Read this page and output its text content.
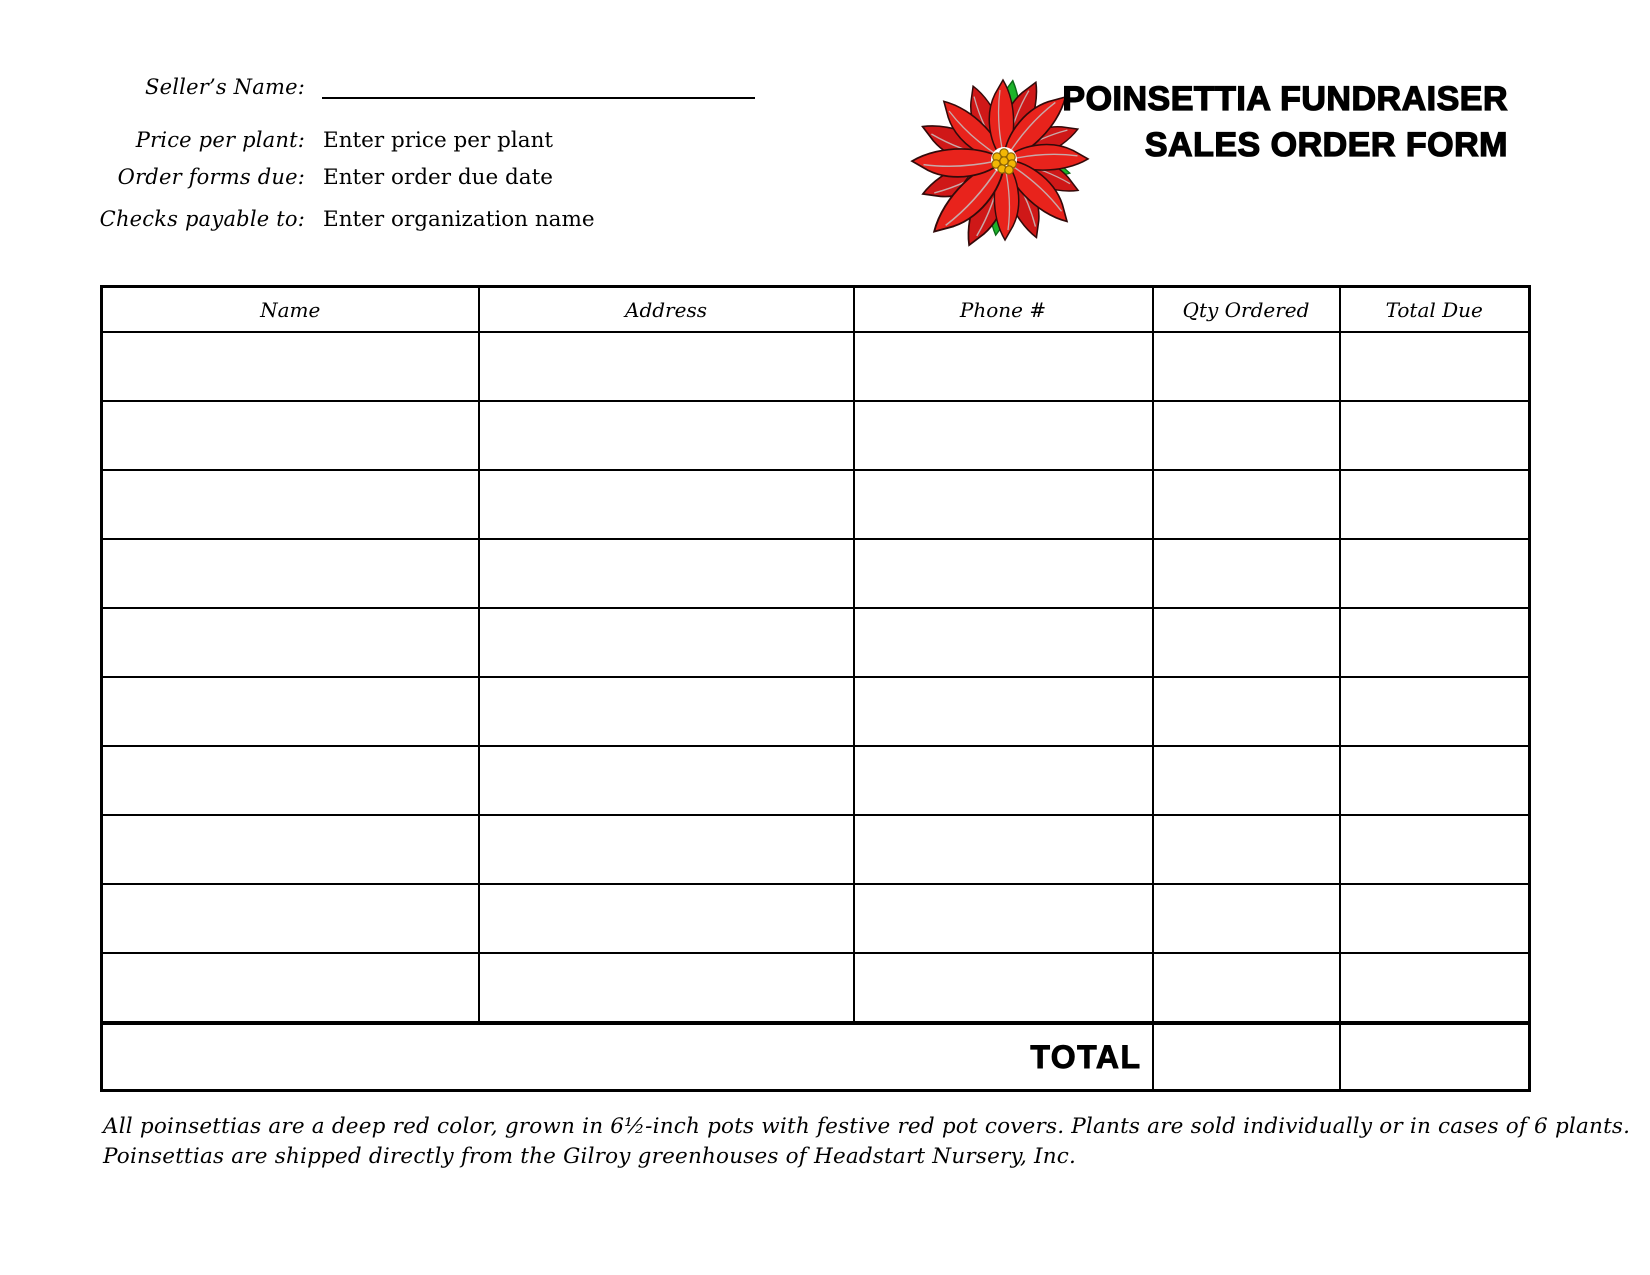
Seller’s Name:
Price per plant: Enter price per plant
Order forms due: Enter order due date
Checks payable to: Enter organization name
POINSETTIA FUNDRAISER
SALES ORDER FORM
Name	Address	Phone #	Qty Ordered	Total Due

TOTAL				
All poinsettias are a deep red color, grown in 6½-inch pots with festive red pot covers. Plants are sold individually or in cases of 6 plants.
Poinsettias are shipped directly from the Gilroy greenhouses of Headstart Nursery, Inc.
